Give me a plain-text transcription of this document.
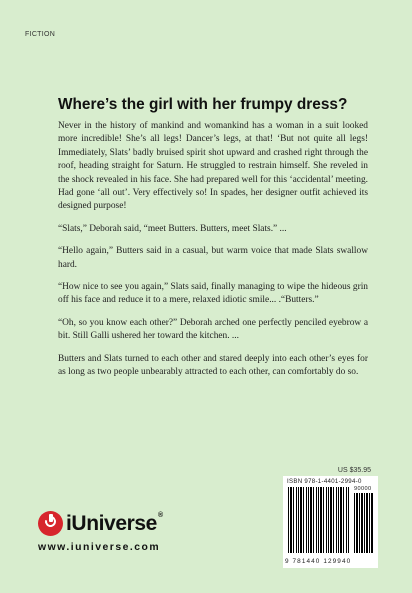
FICTION
Where’s the girl with her frumpy dress?

Never in the history of mankind and womankind has a woman in a suit looked more incredible! She’s all legs! Dancer’s legs, at that! ‘But not quite all legs! Immediately, Slats’ badly bruised spirit shot upward and crashed right through the roof, heading straight for Saturn. He struggled to restrain himself. She reveled in the shock revealed in his face. She had prepared well for this ‘accidental’ meeting. Had gone ‘all out’. Very effectively so! In spades, her designer outfit achieved its designed purpose!

“Slats,” Deborah said, “meet Butters. Butters, meet Slats.” ...

“Hello again,” Butters said in a casual, but warm voice that made Slats swallow hard.

“How nice to see you again,” Slats said, finally managing to wipe the hideous grin off his face and reduce it to a mere, relaxed idiotic smile... .“Butters.”

“Oh, so you know each other?” Deborah arched one perfectly penciled eyebrow a bit. Still Galli ushered her toward the kitchen. ...

Butters and Slats turned to each other and stared deeply into each other’s eyes for as long as two people unbearably attracted to each other, can comfortably do so.

US $35.95
ISBN 978-1-4401-2994-0
90000
9 781440 129940
iUniverse®
www.iuniverse.com
